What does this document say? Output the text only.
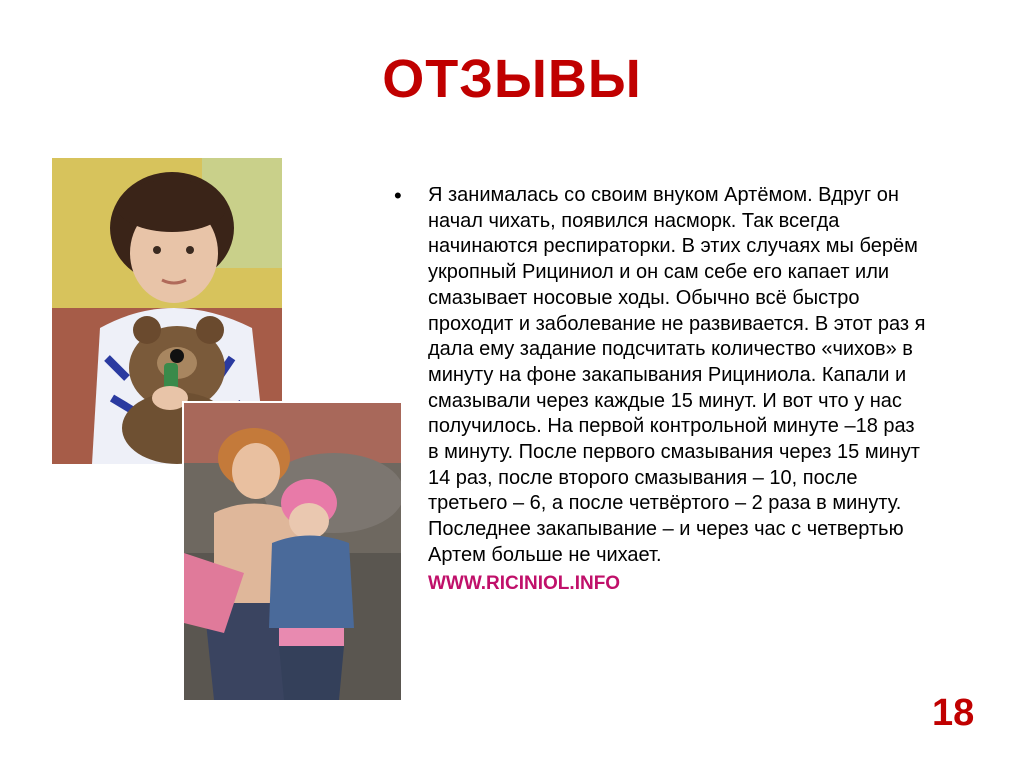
ОТЗЫВЫ
• Я занималась со своим внуком Артёмом. Вдруг он
начал чихать, появился насморк. Так всегда
начинаются респираторки. В этих случаях мы берём
укропный Рициниол и он сам себе его капает или
смазывает носовые ходы. Обычно всё быстро
проходит и заболевание не развивается. В этот раз я
дала ему задание подсчитать количество «чихов» в
минуту на фоне закапывания Рициниола. Капали и
смазывали через каждые 15 минут. И вот что у нас
получилось. На первой контрольной минуте –18 раз
в минуту. После первого смазывания через 15 минут
14 раз, после второго смазывания – 10, после
третьего – 6, а после четвёртого – 2 раза в минуту.
Последнее закапывание – и через час с четвертью
Артем больше не чихает.

WWW.RICINIOL.INFO
18
